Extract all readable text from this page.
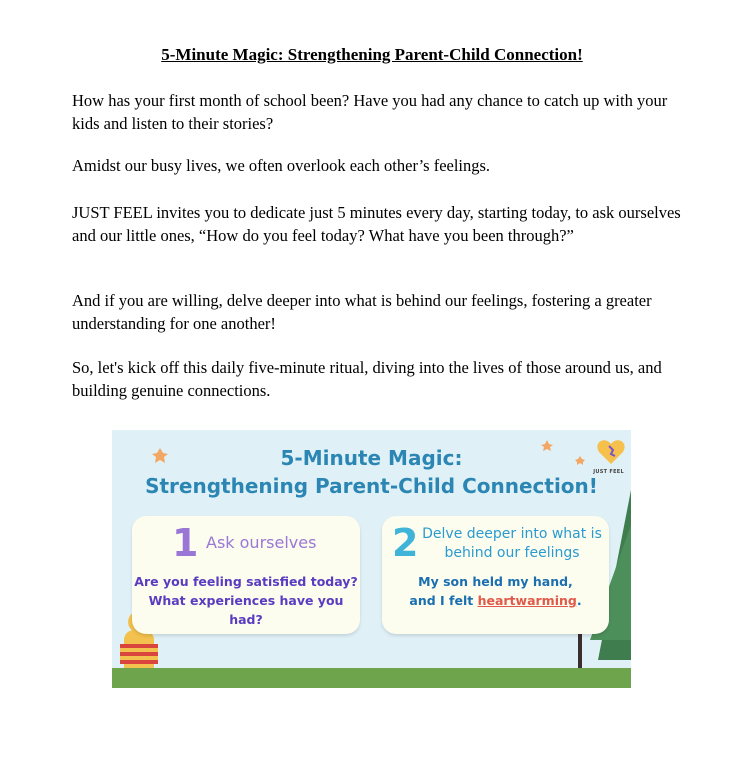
5-Minute Magic: Strengthening Parent-Child Connection!

How has your first month of school been? Have you had any chance to catch up with your kids and listen to their stories?

Amidst our busy lives, we often overlook each other’s feelings.

JUST FEEL invites you to dedicate just 5 minutes every day, starting today, to ask ourselves and our little ones, “How do you feel today? What have you been through?”

And if you are willing, delve deeper into what is behind our feelings, fostering a greater understanding for one another!

So, let's kick off this daily five-minute ritual, diving into the lives of those around us, and building genuine connections.

5-Minute Magic:
Strengthening Parent-Child Connection!
JUST FEEL
1 Ask ourselves
Are you feeling satisfied today?
What experiences have you had?
2 Delve deeper into what is behind our feelings
My son held my hand,
and I felt heartwarming.
